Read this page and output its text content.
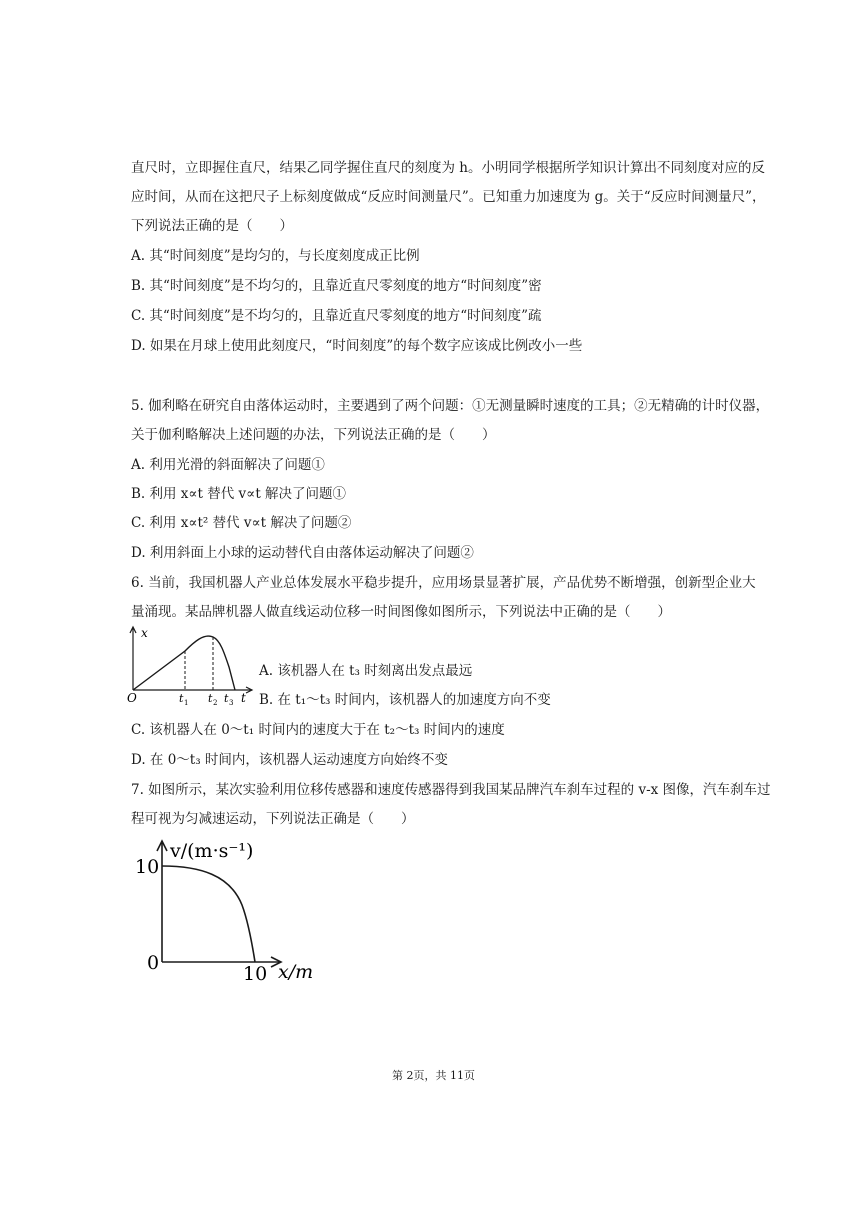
直尺时，立即握住直尺，结果乙同学握住直尺的刻度为 h。小明同学根据所学知识计算出不同刻度对应的反
应时间，从而在这把尺子上标刻度做成“反应时间测量尺”。已知重力加速度为 g。关于“反应时间测量尺”，
下列说法正确的是（　　）
A. 其“时间刻度”是均匀的，与长度刻度成正比例
B. 其“时间刻度”是不均匀的，且靠近直尺零刻度的地方“时间刻度”密
C. 其“时间刻度”是不均匀的，且靠近直尺零刻度的地方“时间刻度”疏
D. 如果在月球上使用此刻度尺，“时间刻度”的每个数字应该成比例改小一些
5. 伽利略在研究自由落体运动时，主要遇到了两个问题：①无测量瞬时速度的工具；②无精确的计时仪器，
关于伽利略解决上述问题的办法，下列说法正确的是（　　）
A. 利用光滑的斜面解决了问题①
B. 利用 x∝t 替代 v∝t 解决了问题①
C. 利用 x∝t² 替代 v∝t 解决了问题②
D. 利用斜面上小球的运动替代自由落体运动解决了问题②
6. 当前，我国机器人产业总体发展水平稳步提升，应用场景显著扩展，产品优势不断增强，创新型企业大
量涌现。某品牌机器人做直线运动位移一时间图像如图所示，下列说法中正确的是（　　）
x
O	t
t 1 t 2 t 3
A. 该机器人在 t₃ 时刻离出发点最远
B. 在 t₁～t₃ 时间内，该机器人的加速度方向不变
C. 该机器人在 0～t₁ 时间内的速度大于在 t₂～t₃ 时间内的速度
D. 在 0～t₃ 时间内，该机器人运动速度方向始终不变
7. 如图所示，某次实验利用位移传感器和速度传感器得到我国某品牌汽车刹车过程的 v-x 图像，汽车刹车过
程可视为匀减速运动，下列说法正确是（　　）
v/(m·s⁻¹)
10
0	10 x/m
第 2页，共 11页
